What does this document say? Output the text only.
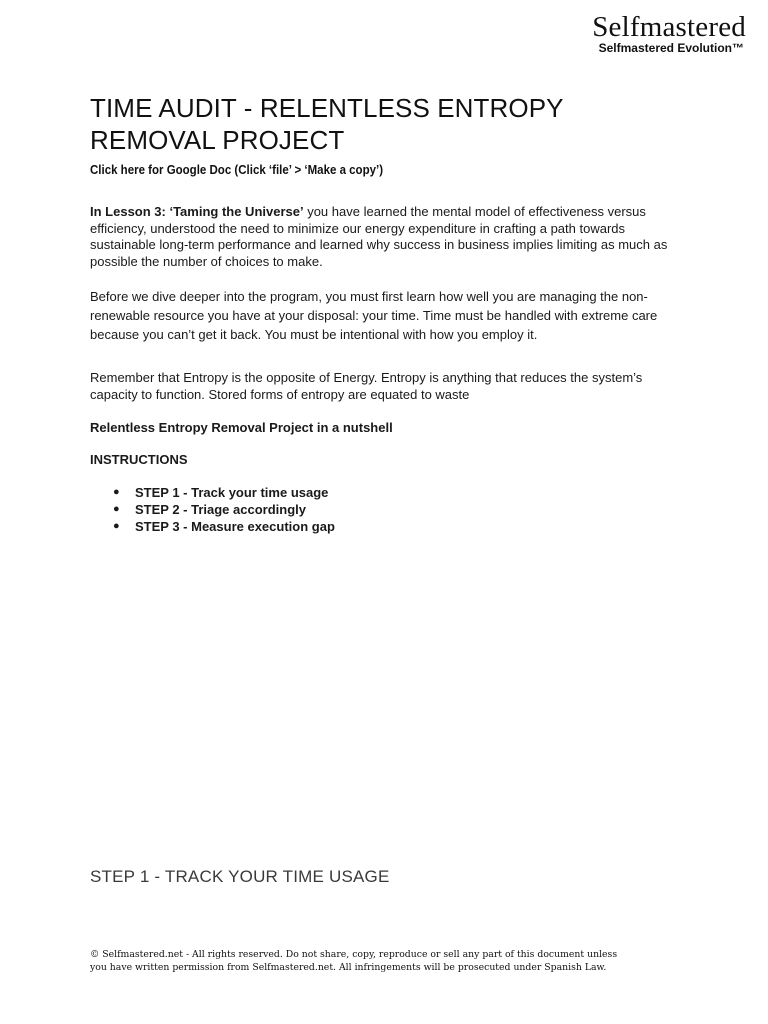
Selfmastered
Selfmastered Evolution™
TIME AUDIT - RELENTLESS ENTROPY
REMOVAL PROJECT
Click here for Google Doc (Click ‘file’ > ‘Make a copy’)

In Lesson 3: ‘Taming the Universe’ you have learned the mental model of effectiveness versus efficiency, understood the need to minimize our energy expenditure in crafting a path towards sustainable long-term performance and learned why success in business implies limiting as much as possible the number of choices to make.

Before we dive deeper into the program, you must first learn how well you are managing the non-renewable resource you have at your disposal: your time. Time must be handled with extreme care because you can’t get it back. You must be intentional with how you employ it.

Remember that Entropy is the opposite of Energy. Entropy is anything that reduces the system’s capacity to function. Stored forms of entropy are equated to waste

Relentless Entropy Removal Project in a nutshell

INSTRUCTIONS

● STEP 1 - Track your time usage
● STEP 2 - Triage accordingly
● STEP 3 - Measure execution gap
STEP 1 - TRACK YOUR TIME USAGE

© Selfmastered.net - All rights reserved. Do not share, copy, reproduce or sell any part of this document unless
you have written permission from Selfmastered.net. All infringements will be prosecuted under Spanish Law.
